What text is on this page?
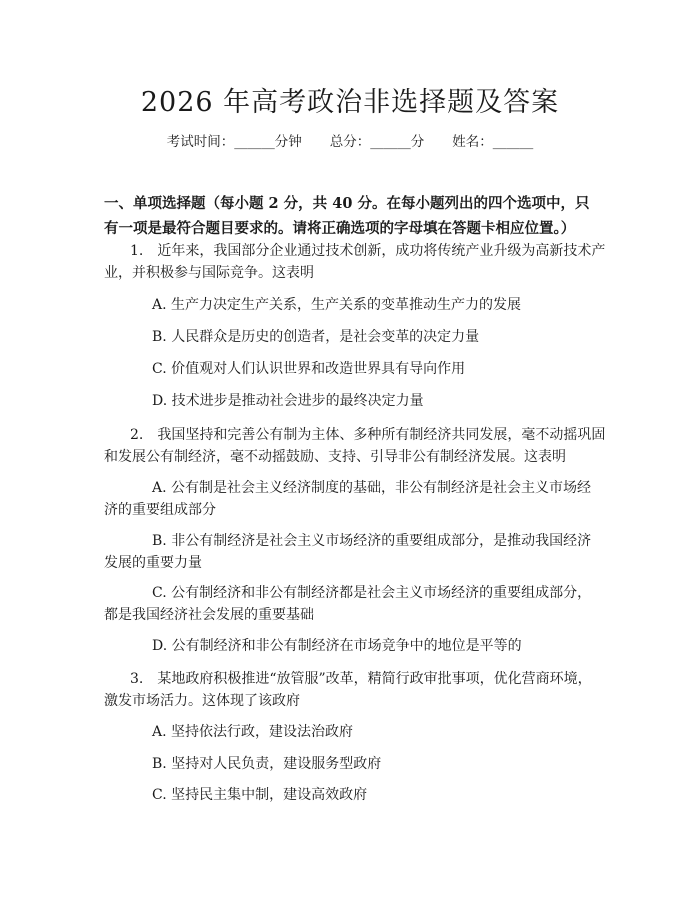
2026 年高考政治非选择题及答案
考试时间：______分钟 总分：______分 姓名：______
一、单项选择题（每小题 2 分，共 40 分。在每小题列出的四个选项中，只有一项是最符合题目要求的。请将正确选项的字母填在答题卡相应位置。）
1.　近年来，我国部分企业通过技术创新，成功将传统产业升级为高新技术产
业，并积极参与国际竞争。这表明
A. 生产力决定生产关系，生产关系的变革推动生产力的发展
B. 人民群众是历史的创造者，是社会变革的决定力量
C. 价值观对人们认识世界和改造世界具有导向作用
D. 技术进步是推动社会进步的最终决定力量
2.　我国坚持和完善公有制为主体、多种所有制经济共同发展，毫不动摇巩固
和发展公有制经济，毫不动摇鼓励、支持、引导非公有制经济发展。这表明
A. 公有制是社会主义经济制度的基础，非公有制经济是社会主义市场经
济的重要组成部分
B. 非公有制经济是社会主义市场经济的重要组成部分，是推动我国经济
发展的重要力量
C. 公有制经济和非公有制经济都是社会主义市场经济的重要组成部分，
都是我国经济社会发展的重要基础
D. 公有制经济和非公有制经济在市场竞争中的地位是平等的
3.　某地政府积极推进“放管服”改革，精简行政审批事项，优化营商环境，
激发市场活力。这体现了该政府
A. 坚持依法行政，建设法治政府
B. 坚持对人民负责，建设服务型政府
C. 坚持民主集中制，建设高效政府
